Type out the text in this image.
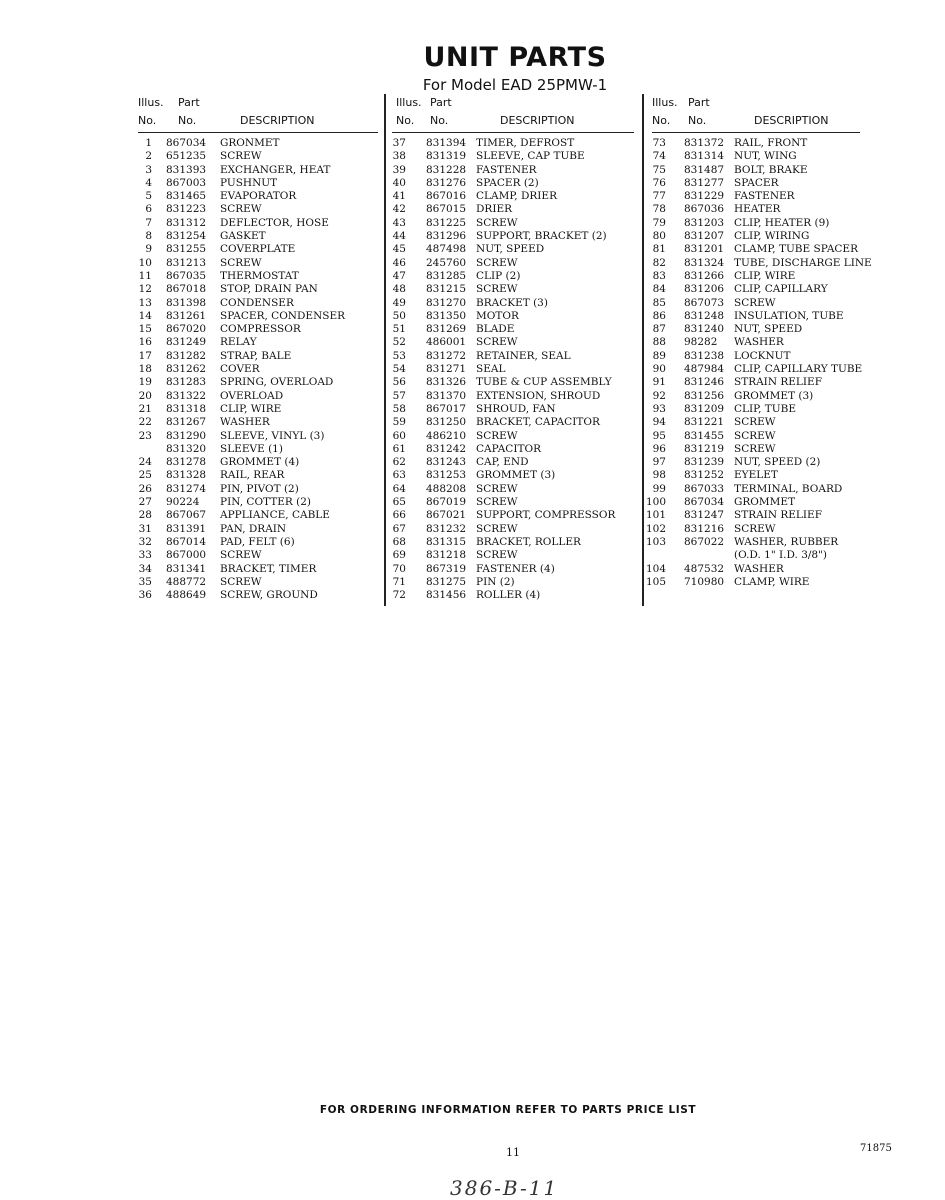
UNIT PARTS
For Model EAD 25PMW-1
Illus. Part
No. No.	DESCRIPTION
1 867034 GRONMET
2 651235 SCREW
3 831393 EXCHANGER, HEAT
4 867003 PUSHNUT
5 831465 EVAPORATOR
6 831223 SCREW
7 831312 DEFLECTOR, HOSE
8 831254 GASKET
9 831255 COVERPLATE
10 831213 SCREW
11 867035 THERMOSTAT
12 867018 STOP, DRAIN PAN
13 831398 CONDENSER
14 831261 SPACER, CONDENSER
15 867020 COMPRESSOR
16 831249 RELAY
17 831282 STRAP, BALE
18 831262 COVER
19 831283 SPRING, OVERLOAD
20 831322 OVERLOAD
21 831318 CLIP, WIRE
22 831267 WASHER
23 831290 SLEEVE, VINYL (3)
831320 SLEEVE (1)
24 831278 GROMMET (4)
25 831328 RAIL, REAR
26 831274 PIN, PIVOT (2)
27 90224 PIN, COTTER (2)
28 867067 APPLIANCE, CABLE
31 831391 PAN, DRAIN
32 867014 PAD, FELT (6)
33 867000 SCREW
34 831341 BRACKET, TIMER
35 488772 SCREW
36 488649 SCREW, GROUND
Illus. Part
No. No.	DESCRIPTION
37 831394 TIMER, DEFROST
38 831319 SLEEVE, CAP TUBE
39 831228 FASTENER
40 831276 SPACER (2)
41 867016 CLAMP, DRIER
42 867015 DRIER
43 831225 SCREW
44 831296 SUPPORT, BRACKET (2)
45 487498 NUT, SPEED
46 245760 SCREW
47 831285 CLIP (2)
48 831215 SCREW
49 831270 BRACKET (3)
50 831350 MOTOR
51 831269 BLADE
52 486001 SCREW
53 831272 RETAINER, SEAL
54 831271 SEAL
56 831326 TUBE & CUP ASSEMBLY
57 831370 EXTENSION, SHROUD
58 867017 SHROUD, FAN
59 831250 BRACKET, CAPACITOR
60 486210 SCREW
61 831242 CAPACITOR
62 831243 CAP, END
63 831253 GROMMET (3)
64 488208 SCREW
65 867019 SCREW
66 867021 SUPPORT, COMPRESSOR
67 831232 SCREW
68 831315 BRACKET, ROLLER
69 831218 SCREW
70 867319 FASTENER (4)
71 831275 PIN (2)
72 831456 ROLLER (4)
Illus. Part
No. No.	DESCRIPTION
73 831372 RAIL, FRONT
74 831314 NUT, WING
75 831487 BOLT, BRAKE
76 831277 SPACER
77 831229 FASTENER
78 867036 HEATER
79 831203 CLIP, HEATER (9)
80 831207 CLIP, WIRING
81 831201 CLAMP, TUBE SPACER
82 831324 TUBE, DISCHARGE LINE
83 831266 CLIP, WIRE
84 831206 CLIP, CAPILLARY
85 867073 SCREW
86 831248 INSULATION, TUBE
87 831240 NUT, SPEED
88 98282 WASHER
89 831238 LOCKNUT
90 487984 CLIP, CAPILLARY TUBE
91 831246 STRAIN RELIEF
92 831256 GROMMET (3)
93 831209 CLIP, TUBE
94 831221 SCREW
95 831455 SCREW
96 831219 SCREW
97 831239 NUT, SPEED (2)
98 831252 EYELET
99 867033 TERMINAL, BOARD
100 867034 GROMMET
101 831247 STRAIN RELIEF
102 831216 SCREW
103 867022 WASHER, RUBBER
(O.D. 1" I.D. 3/8")
104 487532 WASHER
105 710980 CLAMP, WIRE
FOR ORDERING INFORMATION REFER TO PARTS PRICE LIST
11	71875
386-B-11
